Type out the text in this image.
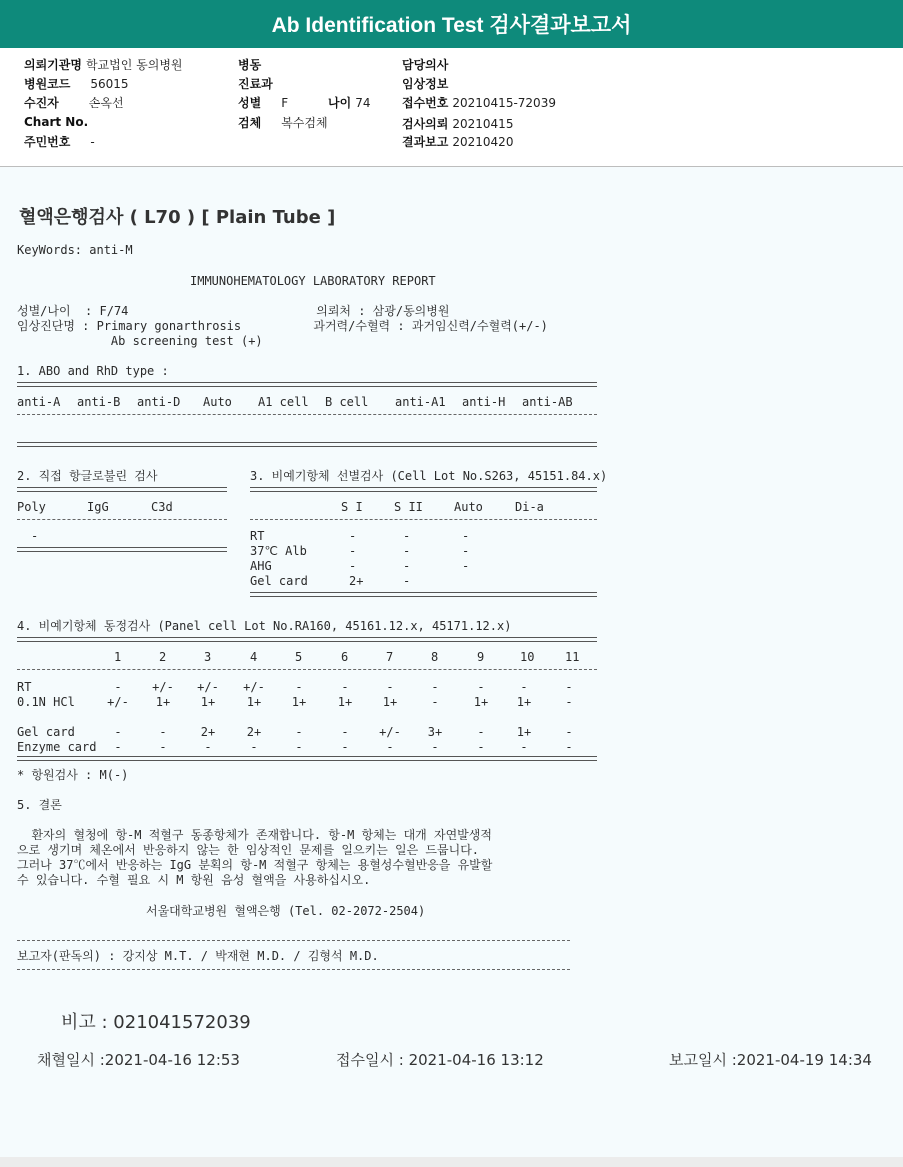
Ab Identification Test 검사결과보고서
의뢰기관명 학교법인 동의병원
병원코드 56015
수진자	손옥선
Chart No.
주민번호 -
병동
진료과
성별 F	나이 74
검체 복수검체
담당의사
임상정보
접수번호 20210415-72039
검사의뢰 20210415
결과보고 20210420
혈액은행검사 ( L70 ) [ Plain Tube ]
KeyWords: anti-M
IMMUNOHEMATOLOGY LABORATORY REPORT
성별/나이  : F/74                          의뢰처 : 삼광/동의병원
임상진단명 : Primary gonarthrosis          과거력/수혈력 : 과거임신력/수혈력(+/-)
Ab screening test (+)
1. ABO and RhD type :
anti-A anti-B anti-D Auto A1 cell B cell anti-A1 anti-H anti-AB
2. 직접 항글로불린 검사
Poly	IgG	C3d
-
3. 비예기항체 선별검사 (Cell Lot No.S263, 45151.84.x)
S I	S II	Auto	Di-a
RT	-	-	-
37℃ Alb	-	-	-
AHG	-	-	-
Gel card	2+	-
4. 비예기항체 동정검사 (Panel cell Lot No.RA160, 45161.12.x, 45171.12.x)
1	2	3	4	5	6	7	8	9	10	11
RT	-	+/- +/- +/-	-	-	-	-	-	-	-
0.1N HCl	+/- 1+	1+	1+	1+	1+	1+	-	1+ 1+	-
Gel card	-	-	2+	2+	-	-	+/- 3+	-	1+	-
Enzyme card -	-	-	-	-	-	-	-	-	-	-
* 항원검사 : M(-)
5. 결론
환자의 혈청에 항-M 적혈구 동종항체가 존재합니다. 항-M 항체는 대개 자연발생적
으로 생기며 체온에서 반응하지 않는 한 임상적인 문제를 일으키는 일은 드뭅니다.
그러나 37℃에서 반응하는 IgG 분획의 항-M 적혈구 항체는 용혈성수혈반응을 유발할
수 있습니다. 수혈 필요 시 M 항원 음성 혈액을 사용하십시오.
서울대학교병원 혈액은행 (Tel. 02-2072-2504)
보고자(판독의) : 강지상 M.T. / 박재현 M.D. / 김형석 M.D.
비고 : 021041572039
채혈일시 :2021-04-16 12:53	접수일시 : 2021-04-16 13:12	보고일시 :2021-04-19 14:34
